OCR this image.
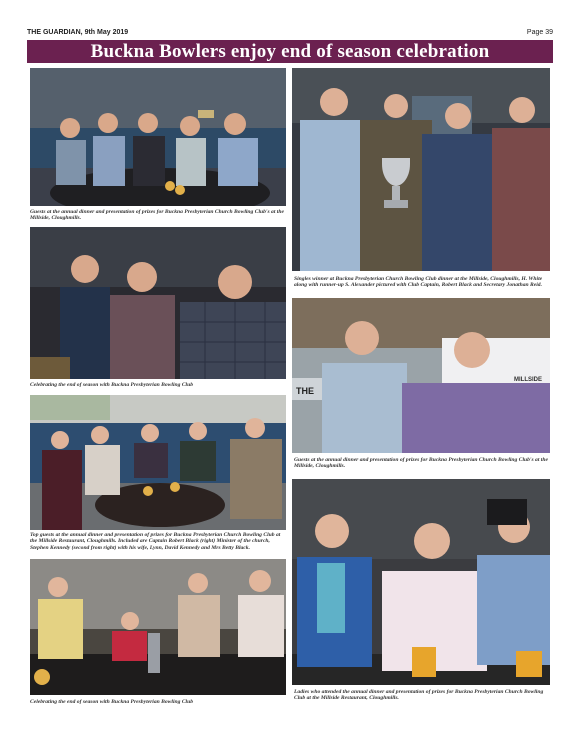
THE GUARDIAN, 9th May 2019	Page 39
Buckna Bowlers enjoy end of season celebration

Guests at the annual dinner and presentation of prizes for Buckna Presbyterian Church Bowling Club's at the Millside, Cloughmills.

Celebrating the end of season with Buckna Presbyterian Bowling Club

Top guests at the annual dinner and presentation of prizes for Buckna Presbyterian Church Bowling Club at the Millside Restaurant, Cloughmills. Included are Captain Robert Black (right) Minister of the church, Stephen Kennedy (second from right) with his wife, Lynn, David Kennedy and Mrs Betty Black.

Celebrating the end of season with Buckna Presbyterian Bowling Club

Singles winner at Buckna Presbyterian Church Bowling Club dinner at the Millside, Cloughmills, H. White along with runner-up S. Alexander pictured with Club Captain, Robert Black and Secretary Jonathan Reid.

THE
MILLSIDE

Guests at the annual dinner and presentation of prizes for Buckna Presbyterian Church Bowling Club's at the Millside, Cloughmills.

Ladies who attended the annual dinner and presentation of prizes for Buckna Presbyterian Church Bowling Club at the Millside Restaurant, Cloughmills.
